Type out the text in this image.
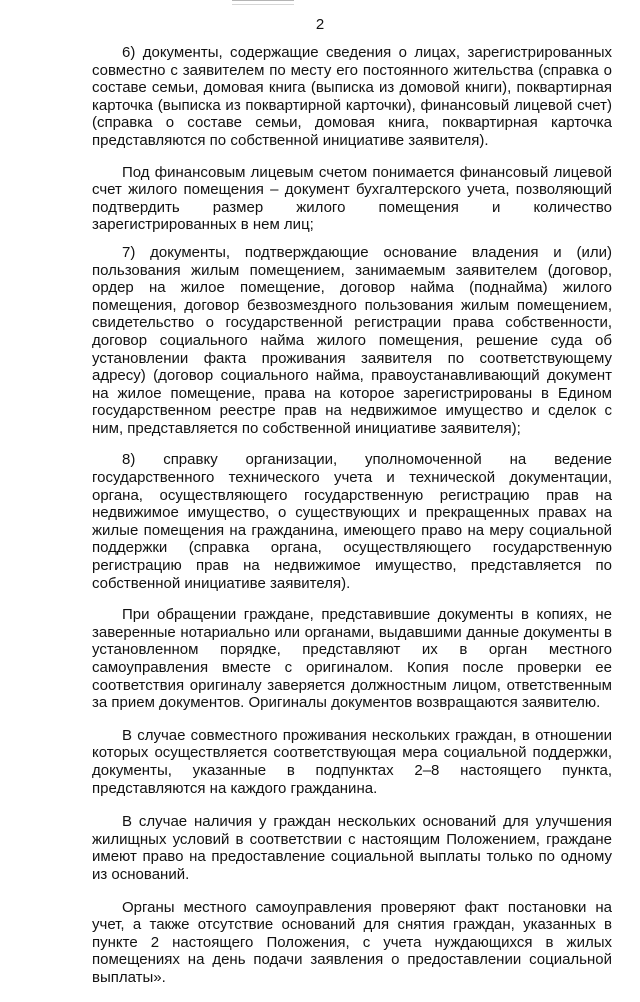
2

6) документы, содержащие сведения о лицах, зарегистрированных совместно с заявителем по месту его постоянного жительства (справка о составе семьи, домовая книга (выписка из домовой книги), поквартирная карточка (выписка из поквартирной карточки), финансовый лицевой счет) (справка о составе семьи, домовая книга, поквартирная карточка представляются по собственной инициативе заявителя).

Под финансовым лицевым счетом понимается финансовый лицевой счет жилого помещения – документ бухгалтерского учета, позволяющий подтвердить размер жилого помещения и количество зарегистрированных в нем лиц;

7) документы, подтверждающие основание владения и (или) пользования жилым помещением, занимаемым заявителем (договор, ордер на жилое помещение, договор найма (поднайма) жилого помещения, договор безвозмездного пользования жилым помещением, свидетельство о государственной регистрации права собственности, договор социального найма жилого помещения, решение суда об установлении факта проживания заявителя по соответствующему адресу) (договор социального найма, правоустанавливающий документ на жилое помещение, права на которое зарегистрированы в Едином государственном реестре прав на недвижимое имущество и сделок с ним, представляется по собственной инициативе заявителя);

8) справку организации, уполномоченной на ведение государственного технического учета и технической документации, органа, осуществляющего государственную регистрацию прав на недвижимое имущество, о существующих и прекращенных правах на жилые помещения на гражданина, имеющего право на меру социальной поддержки (справка органа, осуществляющего государственную регистрацию прав на недвижимое имущество, представляется по собственной инициативе заявителя).

При обращении граждане, представившие документы в копиях, не заверенные нотариально или органами, выдавшими данные документы в установленном порядке, представляют их в орган местного самоуправления вместе с оригиналом. Копия после проверки ее соответствия оригиналу заверяется должностным лицом, ответственным за прием документов. Оригиналы документов возвращаются заявителю.

В случае совместного проживания нескольких граждан, в отношении которых осуществляется соответствующая мера социальной поддержки, документы, указанные в подпунктах 2–8 настоящего пункта, представляются на каждого гражданина.

В случае наличия у граждан нескольких оснований для улучшения жилищных условий в соответствии с настоящим Положением, граждане имеют право на предоставление социальной выплаты только по одному из оснований.

Органы местного самоуправления проверяют факт постановки на учет, а также отсутствие оснований для снятия граждан, указанных в пункте 2 настоящего Положения, с учета нуждающихся в жилых помещениях на день подачи заявления о предоставлении социальной выплаты».
